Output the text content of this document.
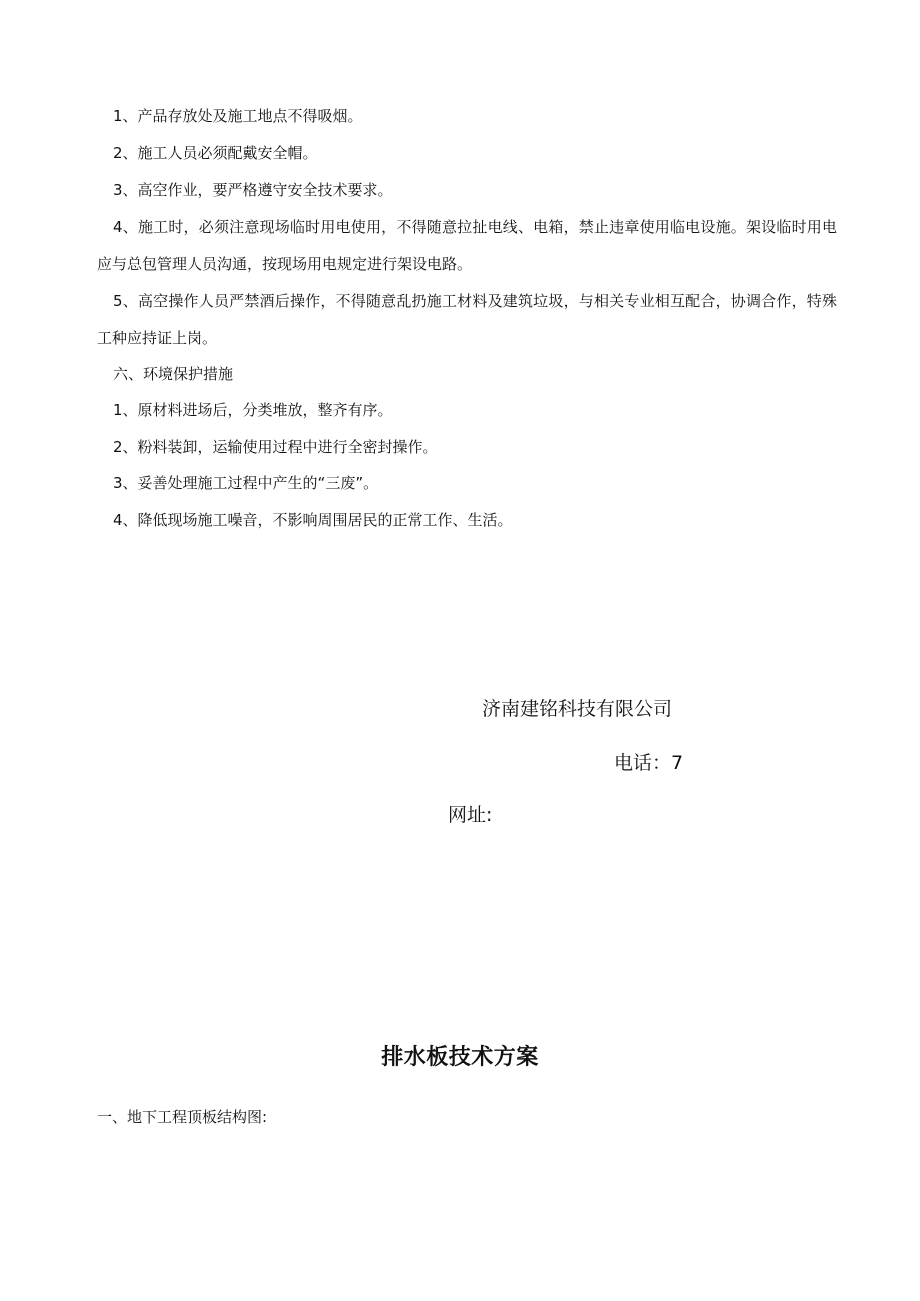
1、产品存放处及施工地点不得吸烟。

2、施工人员必须配戴安全帽。

3、高空作业，要严格遵守安全技术要求。

4、施工时，必须注意现场临时用电使用，不得随意拉扯电线、电箱，禁止违章使用临电设施。架设临时用电应与总包管理人员沟通，按现场用电规定进行架设电路。

5、高空操作人员严禁酒后操作，不得随意乱扔施工材料及建筑垃圾，与相关专业相互配合，协调合作，特殊工种应持证上岗。

六、环境保护措施

1、原材料进场后，分类堆放，整齐有序。

2、粉料装卸，运输使用过程中进行全密封操作。

3、妥善处理施工过程中产生的“三废”。

4、降低现场施工噪音，不影响周围居民的正常工作、生活。

济南建铭科技有限公司

电话：7

网址:

排水板技术方案

一、地下工程顶板结构图:
